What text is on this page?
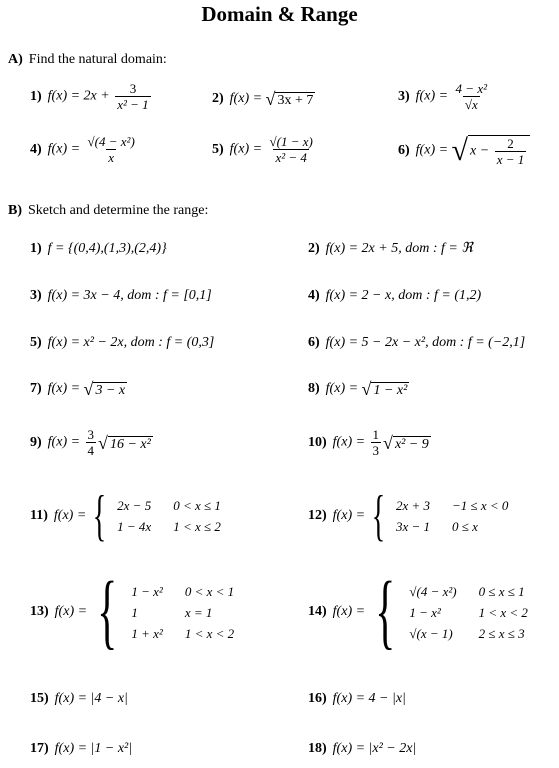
Domain & Range
A) Find the natural domain:
1) $f(x) = 2x + \frac{3}{\text{x² − 1}}$	2) f(x) = √ 3x + 7	3) $f(x) = \frac{\text{4 − x²}}{√x}$
4) $f(x) = \frac{\text{√(4 − x²)}}{x}$	5) $f(x) = \frac{√(1 - x)}{\text{x² − 4}}$	6) f(x) = √ $x - \frac{2}{x - 1}$
B) Sketch and determine the range:
1) f = {(0,4),(1,3),(2,4)}	2) f(x) = 2x + 5, dom : f = ℜ
3) f(x) = 3x − 4, dom : f = [0,1]	4) f(x) = 2 − x, dom : f = (1,2)
5) f(x) = x² − 2x, dom : f = (0,3]	6) f(x) = 5 − 2x − x², dom : f = (−2,1]
7) f(x) = √ 3 − x	8) f(x) = √ 1 − x²
9) $f(x) = \frac{3}{4}$ √ 16 − x²	10) $f(x) = \frac{1}{3}$ √ x² − 9
11) f(x) = { 2x − 5 0 < x ≤ 1
1 − 4x 1 < x ≤ 2
12) f(x) = { 2x + 3 −1 ≤ x < 0
3x − 1 0 ≤ x
13) f(x) = { 1 − x² 0 < x < 1
1	x = 1
1 + x² 1 < x < 2
14) f(x) = { √(4 − x²) 0 ≤ x ≤ 1
1 − x²	1 < x < 2
√(x − 1) 2 ≤ x ≤ 3
15) f(x) = |4 − x|	16) f(x) = 4 − |x|
17) f(x) = |1 − x²|	18) f(x) = |x² − 2x|
